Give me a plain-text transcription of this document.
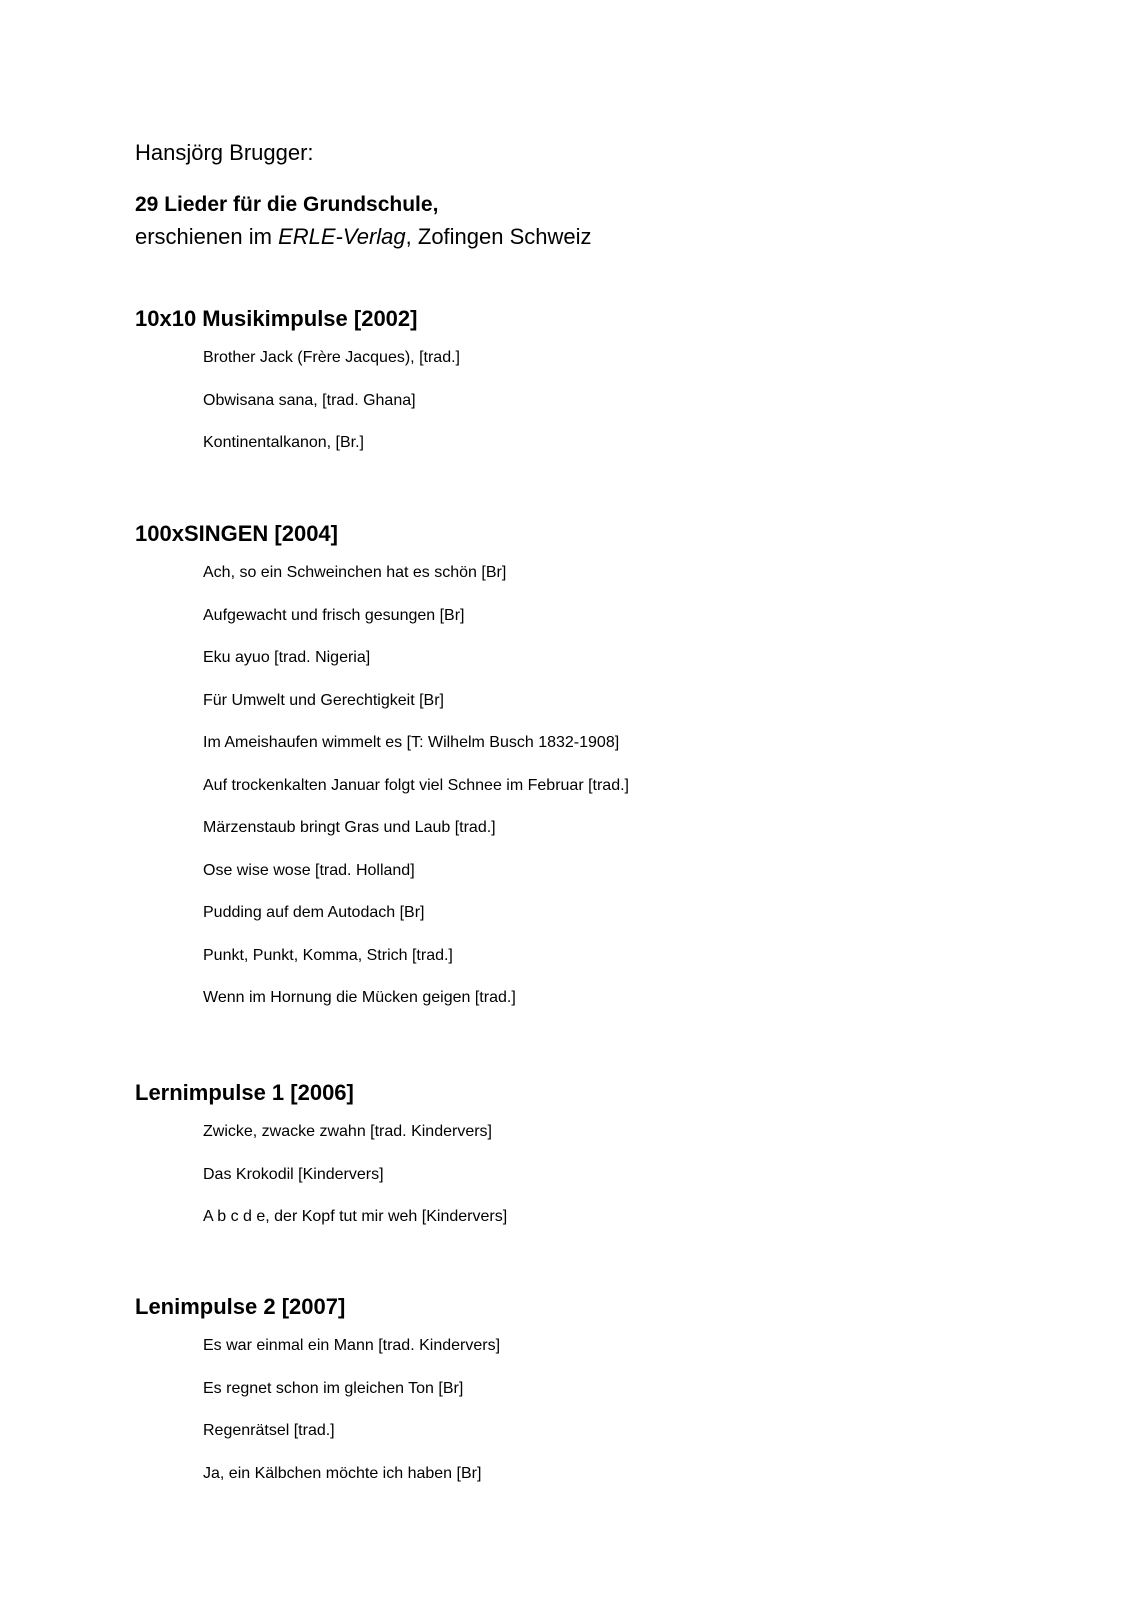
Hansjörg Brugger:
29 Lieder für die Grundschule,
erschienen im ERLE-Verlag, Zofingen Schweiz
10x10 Musikimpulse [2002]
Brother Jack (Frère Jacques), [trad.]
Obwisana sana, [trad. Ghana]
Kontinentalkanon, [Br.]
100xSINGEN [2004]
Ach, so ein Schweinchen hat es schön [Br]
Aufgewacht und frisch gesungen [Br]
Eku ayuo [trad. Nigeria]
Für Umwelt und Gerechtigkeit [Br]
Im Ameishaufen wimmelt es [T: Wilhelm Busch 1832-1908]
Auf trockenkalten Januar folgt viel Schnee im Februar [trad.]
Märzenstaub bringt Gras und Laub [trad.]
Ose wise wose [trad. Holland]
Pudding auf dem Autodach [Br]
Punkt, Punkt, Komma, Strich [trad.]
Wenn im Hornung die Mücken geigen [trad.]
Lernimpulse 1 [2006]
Zwicke, zwacke zwahn [trad. Kindervers]
Das Krokodil [Kindervers]
A b c d e, der Kopf tut mir weh [Kindervers]
Lenimpulse 2 [2007]
Es war einmal ein Mann [trad. Kindervers]
Es regnet schon im gleichen Ton [Br]
Regenrätsel [trad.]
Ja, ein Kälbchen möchte ich haben [Br]
